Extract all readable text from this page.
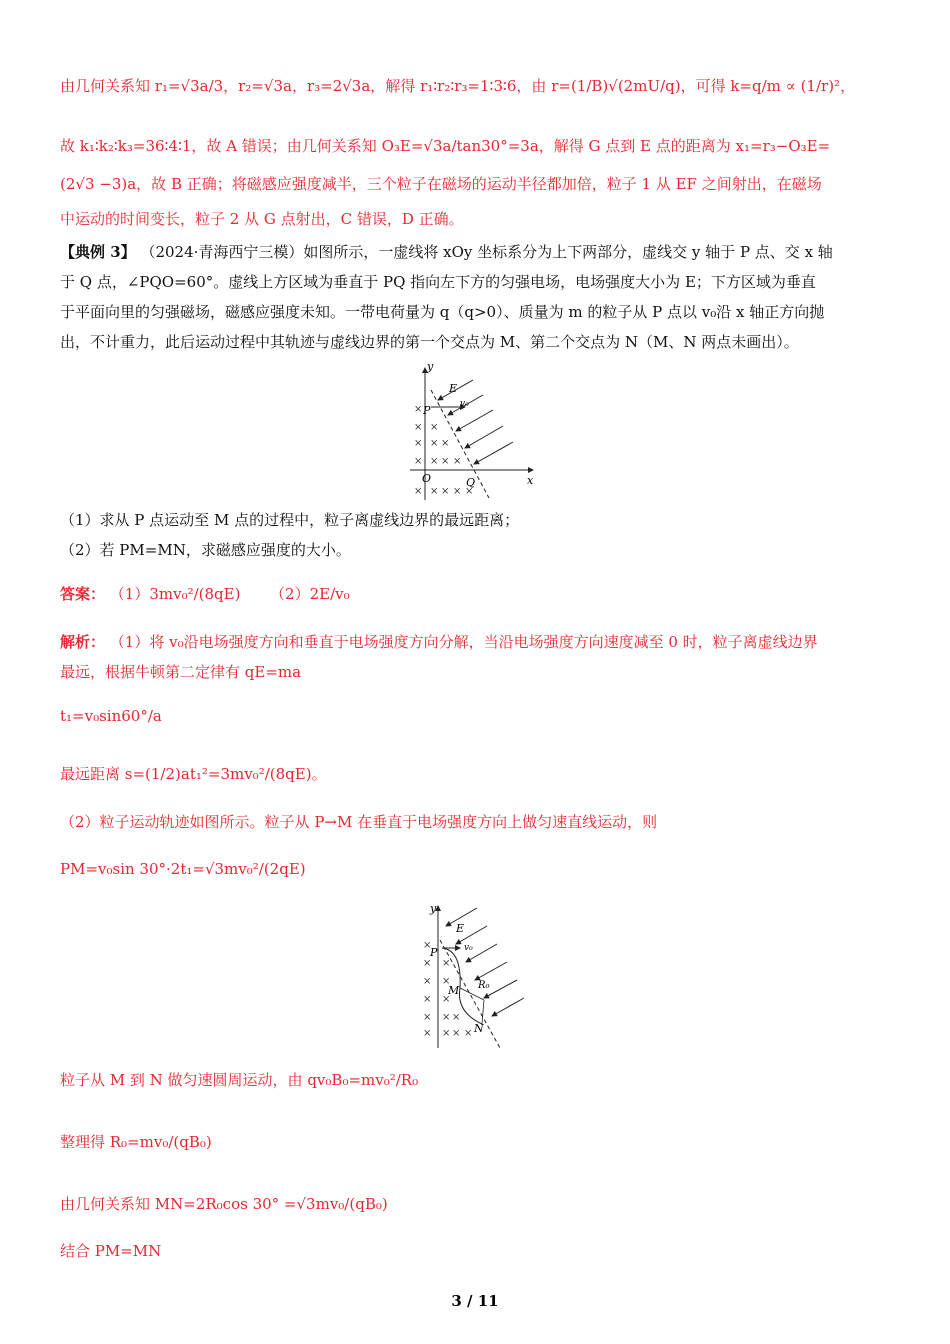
由几何关系知 r₁=√3a/3，r₂=√3a，r₃=2√3a，解得 r₁∶r₂∶r₃=1∶3∶6，由 r=(1/B)√(2mU/q)，可得 k=q/m ∝ (1/r)²，
故 k₁∶k₂∶k₃=36∶4∶1，故 A 错误；由几何关系知 O₃E=√3a/tan30°=3a，解得 G 点到 E 点的距离为 x₁=r₃−O₃E=
(2√3 −3)a，故 B 正确；将磁感应强度减半，三个粒子在磁场的运动半径都加倍，粒子 1 从 EF 之间射出，在磁场
中运动的时间变长，粒子 2 从 G 点射出，C 错误，D 正确。
【典例 3】 （2024·青海西宁三模）如图所示，一虚线将 xOy 坐标系分为上下两部分，虚线交 y 轴于 P 点、交 x 轴
于 Q 点，∠PQO=60°。虚线上方区域为垂直于 PQ 指向左下方的匀强电场，电场强度大小为 E；下方区域为垂直
于平面向里的匀强磁场，磁感应强度未知。一带电荷量为 q（q>0）、质量为 m 的粒子从 P 点以 v₀沿 x 轴正方向抛
出，不计重力，此后运动过程中其轨迹与虚线边界的第一个交点为 M、第二个交点为 N（M、N 两点未画出）。
y
x
E
v₀
P
O	Q
×
×
×
×
×
×
×
×
×
×
×
×
×
× ×
（1）求从 P 点运动至 M 点的过程中，粒子离虚线边界的最远距离；
（2）若 PM=MN，求磁感应强度的大小。
答案： （1）3mv₀²/(8qE) （2）2E/v₀
解析： （1）将 v₀沿电场强度方向和垂直于电场强度方向分解，当沿电场强度方向速度减至 0 时，粒子离虚线边界
最远，根据牛顿第二定律有 qE=ma
t₁=v₀sin60°/a
最远距离 s=(1/2)at₁²=3mv₀²/(8qE)。
（2）粒子运动轨迹如图所示。粒子从 P→M 在垂直于电场强度方向上做匀速直线运动，则
PM=v₀sin 30°·2t₁=√3mv₀²/(2qE)
y
E
v₀
P
M R₀
N
×
×
×
×
×
×
×
×
×
×
×
×
× ×
粒子从 M 到 N 做匀速圆周运动，由 qv₀B₀=mv₀²/R₀
整理得 R₀=mv₀/(qB₀)
由几何关系知 MN=2R₀cos 30° =√3mv₀/(qB₀)
结合 PM=MN
3 / 11
